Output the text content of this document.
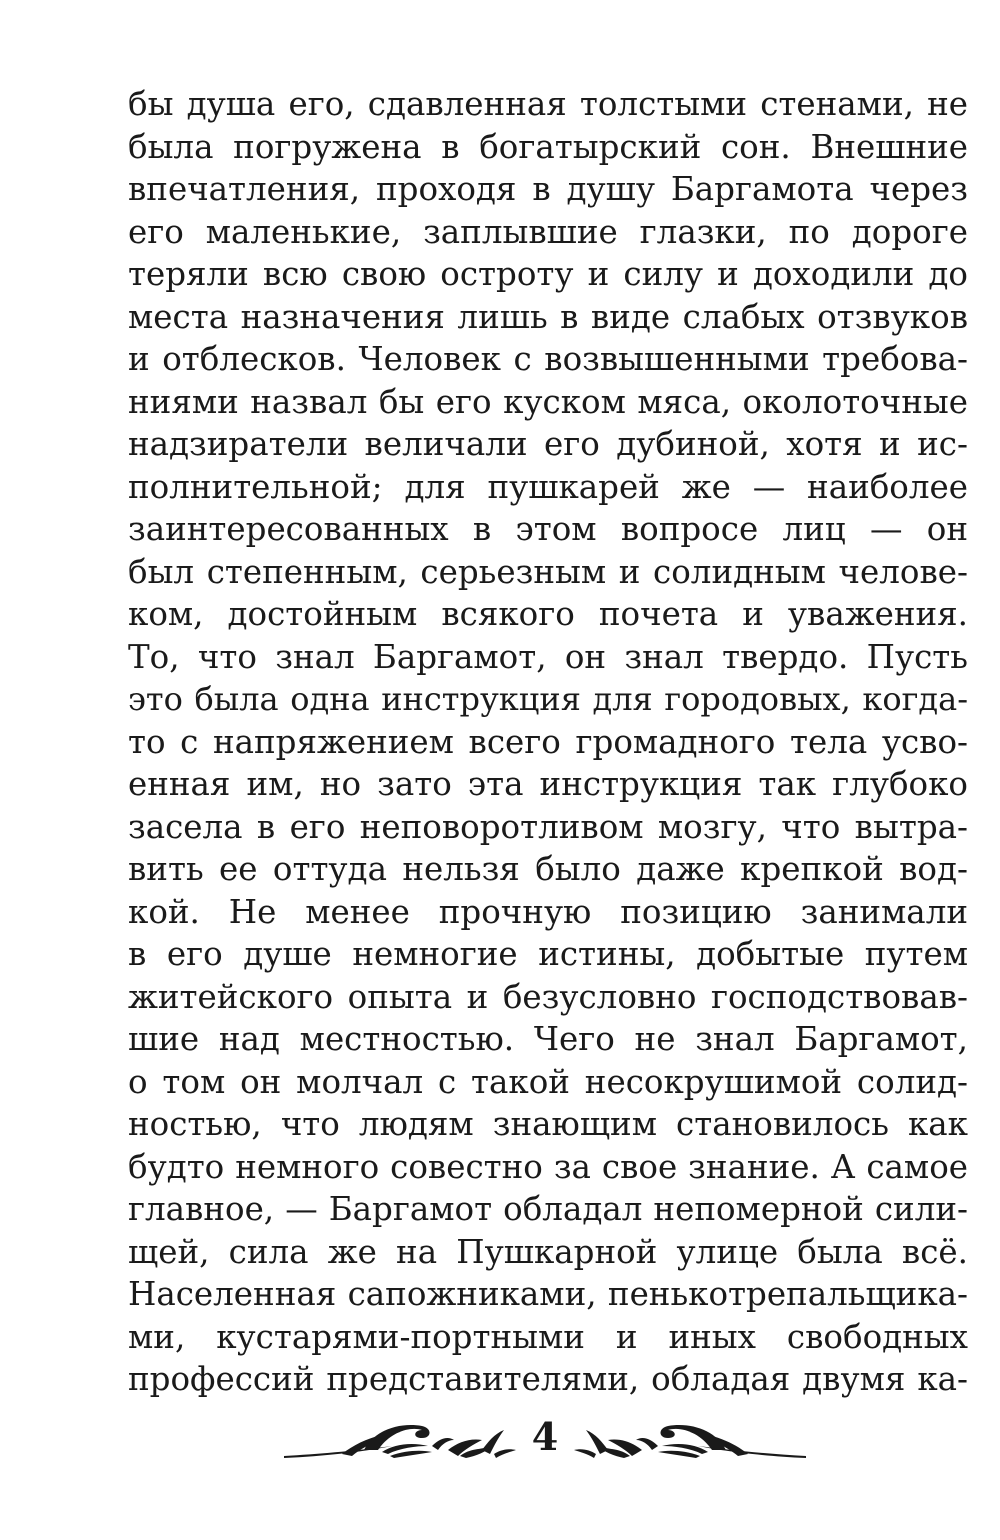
бы душа его, сдавленная толстыми стенами, не
была погружена в богатырский сон. Внешние
впечатления, проходя в душу Баргамота через
его маленькие, заплывшие глазки, по дороге
теряли всю свою остроту и силу и доходили до
места назначения лишь в виде слабых отзвуков
и отблесков. Человек с возвышенными требова-
ниями назвал бы его куском мяса, околоточные
надзиратели величали его дубиной, хотя и ис-
полнительной; для пушкарей же — наиболее
заинтересованных в этом вопросе лиц — он
был степенным, серьезным и солидным челове-
ком, достойным всякого почета и уважения.
То, что знал Баргамот, он знал твердо. Пусть
это была одна инструкция для городовых, когда-
то с напряжением всего громадного тела усво-
енная им, но зато эта инструкция так глубоко
засела в его неповоротливом мозгу, что вытра-
вить ее оттуда нельзя было даже крепкой вод-
кой. Не менее прочную позицию занимали
в его душе немногие истины, добытые путем
житейского опыта и безусловно господствовав-
шие над местностью. Чего не знал Баргамот,
о том он молчал с такой несокрушимой солид-
ностью, что людям знающим становилось как
будто немного совестно за свое знание. А самое
главное, — Баргамот обладал непомерной сили-
щей, сила же на Пушкарной улице была всё.
Населенная сапожниками, пенькотрепальщика-
ми, кустарями-портными и иных свободных
профессий представителями, обладая двумя ка-
4
